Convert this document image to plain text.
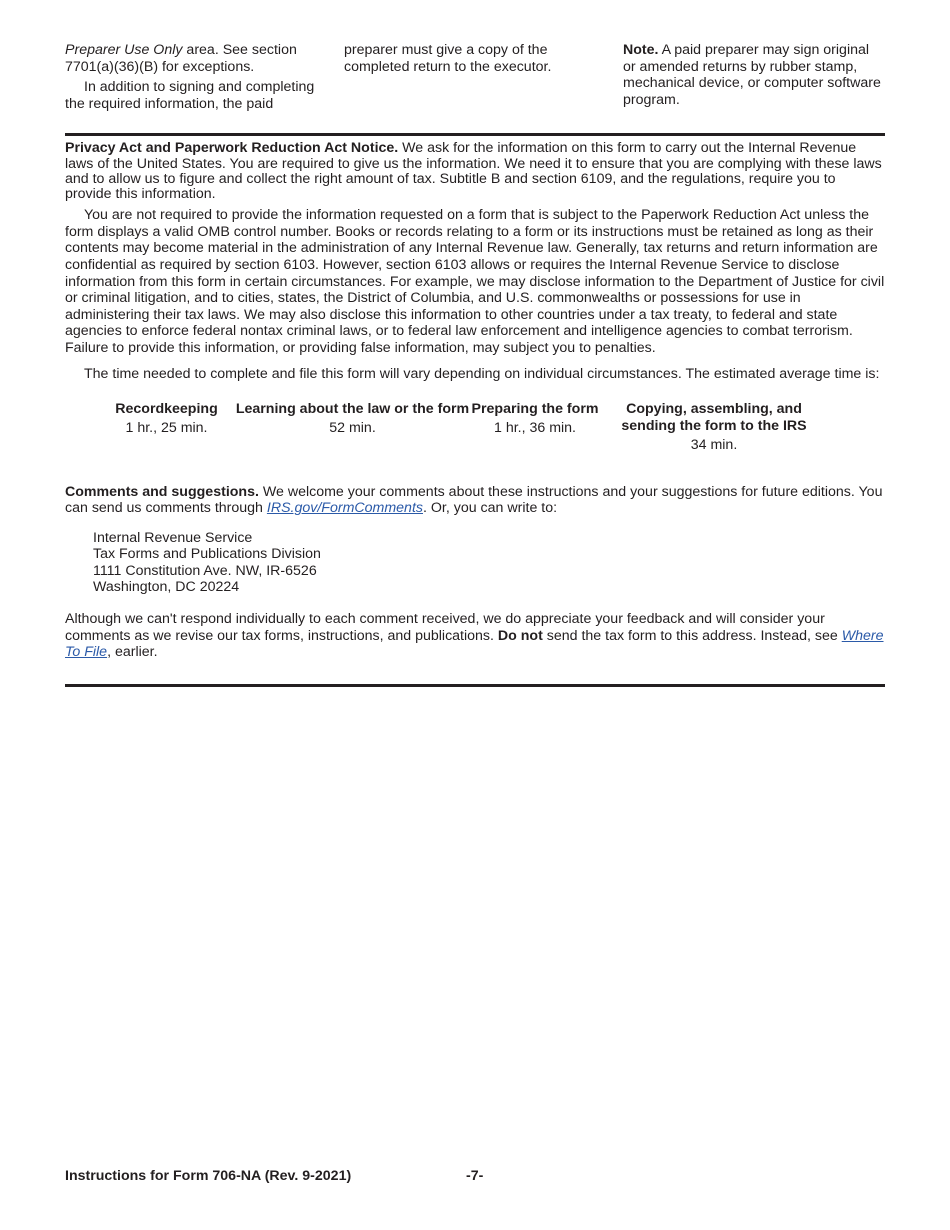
Preparer Use Only area. See section 7701(a)(36)(B) for exceptions.

In addition to signing and completing the required information, the paid

preparer must give a copy of the completed return to the executor.

Note. A paid preparer may sign original or amended returns by rubber stamp, mechanical device, or computer software program.

Privacy Act and Paperwork Reduction Act Notice. We ask for the information on this form to carry out the Internal Revenue laws of the United States. You are required to give us the information. We need it to ensure that you are complying with these laws and to allow us to figure and collect the right amount of tax. Subtitle B and section 6109, and the regulations, require you to provide this information.

You are not required to provide the information requested on a form that is subject to the Paperwork Reduction Act unless the form displays a valid OMB control number. Books or records relating to a form or its instructions must be retained as long as their contents may become material in the administration of any Internal Revenue law. Generally, tax returns and return information are confidential as required by section 6103. However, section 6103 allows or requires the Internal Revenue Service to disclose information from this form in certain circumstances. For example, we may disclose information to the Department of Justice for civil or criminal litigation, and to cities, states, the District of Columbia, and U.S. commonwealths or possessions for use in administering their tax laws. We may also disclose this information to other countries under a tax treaty, to federal and state agencies to enforce federal nontax criminal laws, or to federal law enforcement and intelligence agencies to combat terrorism. Failure to provide this information, or providing false information, may subject you to penalties.

The time needed to complete and file this form will vary depending on individual circumstances. The estimated average time is:

Recordkeeping
1 hr., 25 min.
Learning about the law or the form
52 min.
Preparing the form
1 hr., 36 min.
Copying, assembling, and sending the form to the IRS
34 min.

Comments and suggestions. We welcome your comments about these instructions and your suggestions for future editions. You can send us comments through IRS.gov/FormComments. Or, you can write to:

Internal Revenue Service
Tax Forms and Publications Division
1111 Constitution Ave. NW, IR-6526
Washington, DC 20224

Although we can't respond individually to each comment received, we do appreciate your feedback and will consider your comments as we revise our tax forms, instructions, and publications. Do not send the tax form to this address. Instead, see Where To File, earlier.

Instructions for Form 706-NA (Rev. 9-2021)	-7-
